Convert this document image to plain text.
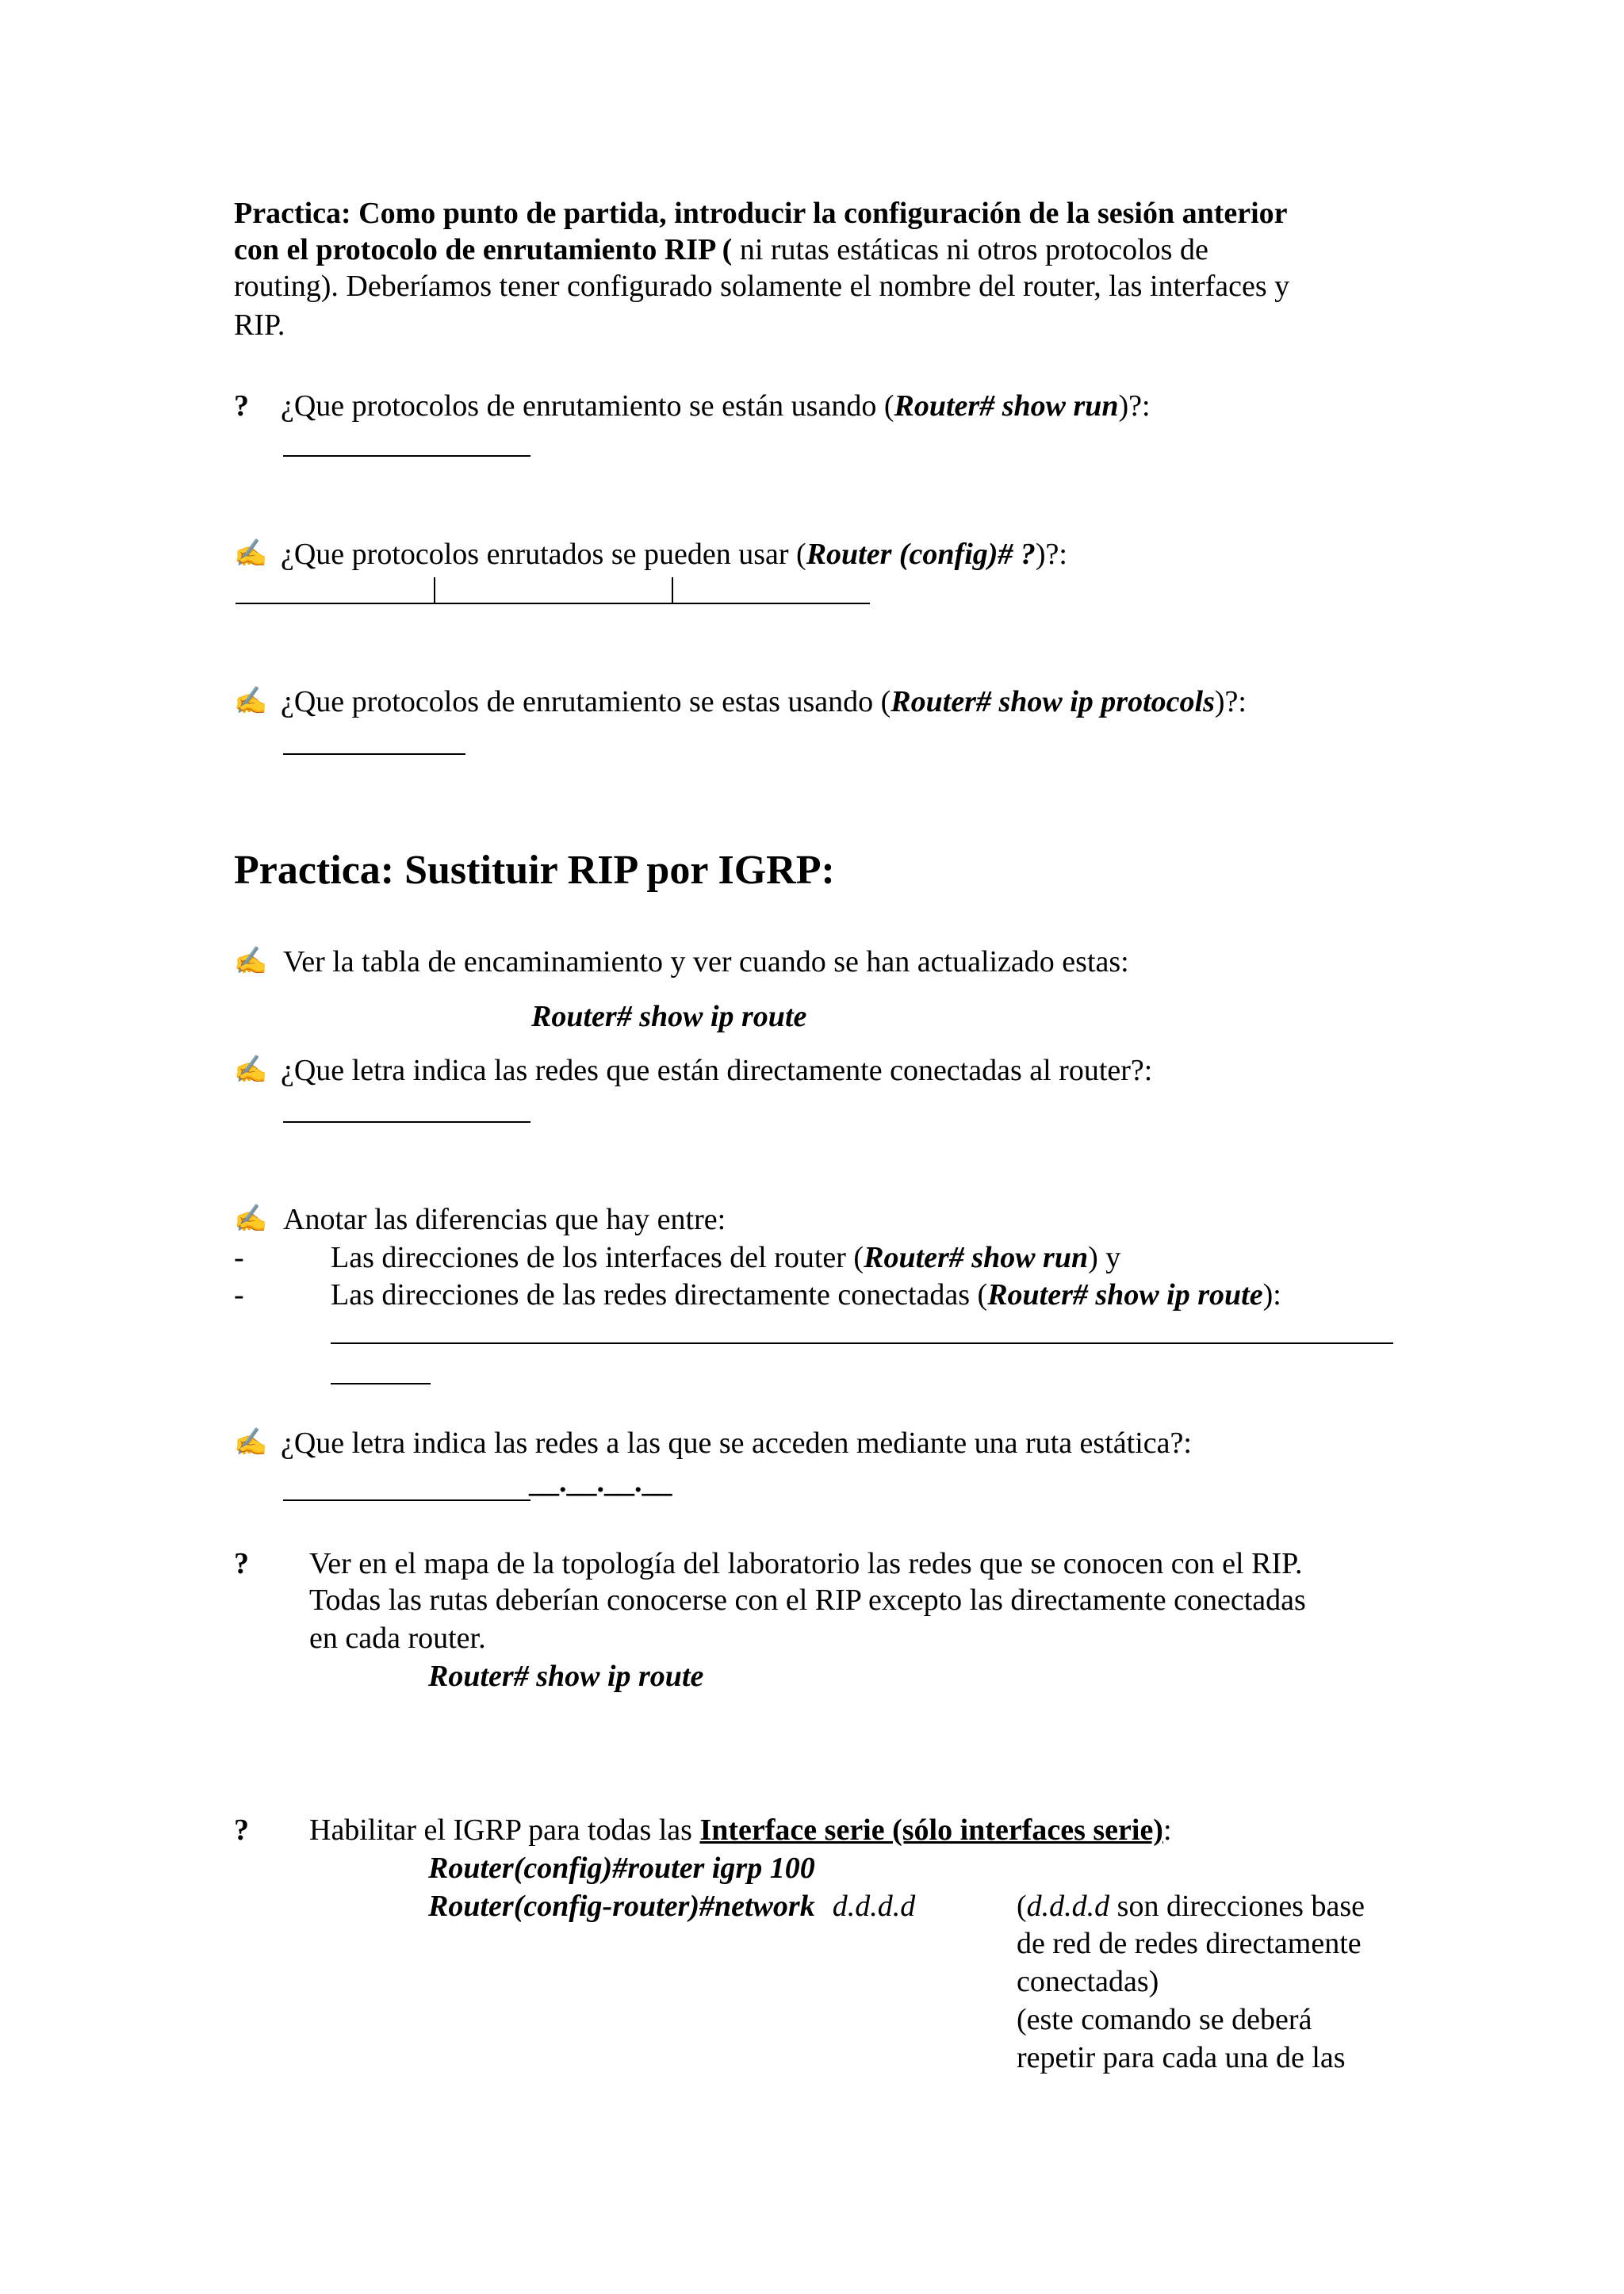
Practica: Como punto de partida, introducir la configuración de la sesión anterior
con el protocolo de enrutamiento RIP ( ni rutas estáticas ni otros protocolos de
routing). Deberíamos tener configurado solamente el nombre del router, las interfaces y
RIP.
? ¿Que protocolos de enrutamiento se están usando (Router# show run)?:
✍ ¿Que protocolos enrutados se pueden usar (Router (config)# ?)?:
✍ ¿Que protocolos de enrutamiento se estas usando (Router# show ip protocols)?:
Practica: Sustituir RIP por IGRP:
✍ Ver la tabla de encaminamiento y ver cuando se han actualizado estas:
Router# show ip route
✍ ¿Que letra indica las redes que están directamente conectadas al router?:
✍ Anotar las diferencias que hay entre:
-	Las direcciones de los interfaces del router (Router# show run) y
-	Las direcciones de las redes directamente conectadas (Router# show ip route):
✍ ¿Que letra indica las redes a las que se acceden mediante una ruta estática?:
__.__.__.__
? Ver en el mapa de la topología del laboratorio las redes que se conocen con el RIP.
Todas las rutas deberían conocerse con el RIP excepto las directamente conectadas
en cada router.
Router# show ip route
? Habilitar el IGRP para todas las Interface serie (sólo interfaces serie):
Router(config)#router igrp 100
Router(config-router)#network d.d.d.d	(d.d.d.d son direcciones base
de red de redes directamente
conectadas)
(este comando se deberá
repetir para cada una de las
